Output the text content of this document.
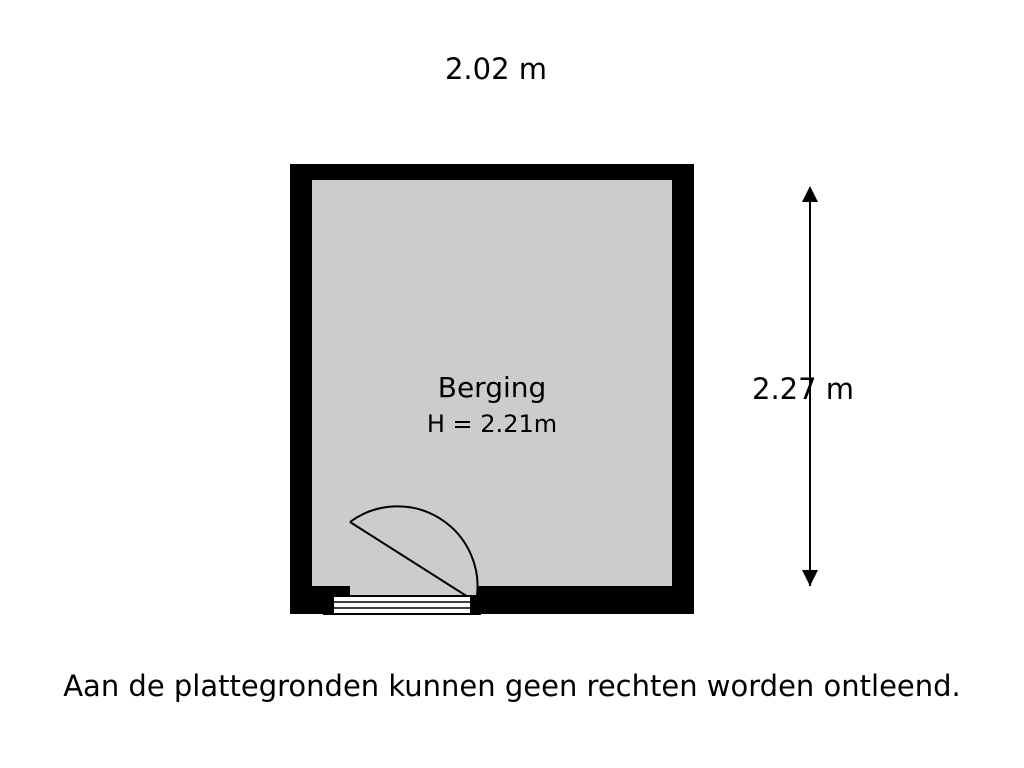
2.02 m
2.27 m
Berging
H = 2.21m
Aan de plattegronden kunnen geen rechten worden ontleend.
